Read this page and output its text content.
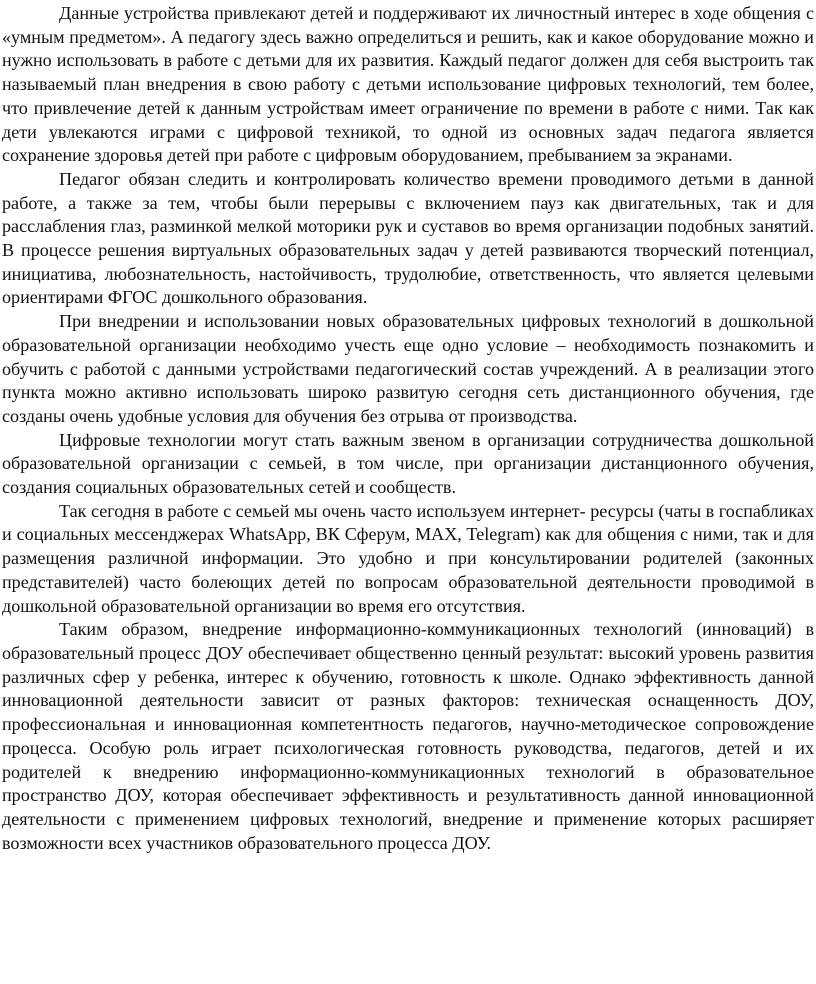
Данные устройства привлекают детей и поддерживают их личностный интерес в ходе общения с «умным предметом». А педагогу здесь важно определиться и решить, как и какое оборудование можно и нужно использовать в работе с детьми для их развития. Каждый педагог должен для себя выстроить так называемый план внедрения в свою работу с детьми использование цифровых технологий, тем более, что привлечение детей к данным устройствам имеет ограничение по времени в работе с ними. Так как дети увлекаются играми с цифровой техникой, то одной из основных задач педагога является сохранение здоровья детей при работе с цифровым оборудованием, пребыванием за экранами.

Педагог обязан следить и контролировать количество времени проводимого детьми в данной работе, а также за тем, чтобы были перерывы с включением пауз как двигательных, так и для расслабления глаз, разминкой мелкой моторики рук и суставов во время организации подобных занятий. В процессе решения виртуальных образовательных задач у детей развиваются творческий потенциал, инициатива, любознательность, настойчивость, трудолюбие, ответственность, что является целевыми ориентирами ФГОС дошкольного образования.

При внедрении и использовании новых образовательных цифровых технологий в дошкольной образовательной организации необходимо учесть еще одно условие – необходимость познакомить и обучить с работой с данными устройствами педагогический состав учреждений. А в реализации этого пункта можно активно использовать широко развитую сегодня сеть дистанционного обучения, где созданы очень удобные условия для обучения без отрыва от производства.

Цифровые технологии могут стать важным звеном в организации сотрудничества дошкольной образовательной организации с семьей, в том числе, при организации дистанционного обучения, создания социальных образовательных сетей и сообществ.

Так сегодня в работе с семьей мы очень часто используем интернет- ресурсы (чаты в госпабликах и социальных мессенджерах WhatsApp, ВК Сферум, MAX, Telegram) как для общения с ними, так и для размещения различной информации. Это удобно и при консультировании родителей (законных представителей) часто болеющих детей по вопросам образовательной деятельности проводимой в дошкольной образовательной организации во время его отсутствия.

Таким образом, внедрение информационно-коммуникационных технологий (инноваций) в образовательный процесс ДОУ обеспечивает общественно ценный результат: высокий уровень развития различных сфер у ребенка, интерес к обучению, готовность к школе. Однако эффективность данной инновационной деятельности зависит от разных факторов: техническая оснащенность ДОУ, профессиональная и инновационная компетентность педагогов, научно-методическое сопровождение процесса. Особую роль играет психологическая готовность руководства, педагогов, детей и их родителей к внедрению информационно-коммуникационных технологий в образовательное пространство ДОУ, которая обеспечивает эффективность и результативность данной инновационной деятельности с применением цифровых технологий, внедрение и применение которых расширяет возможности всех участников образовательного процесса ДОУ.
